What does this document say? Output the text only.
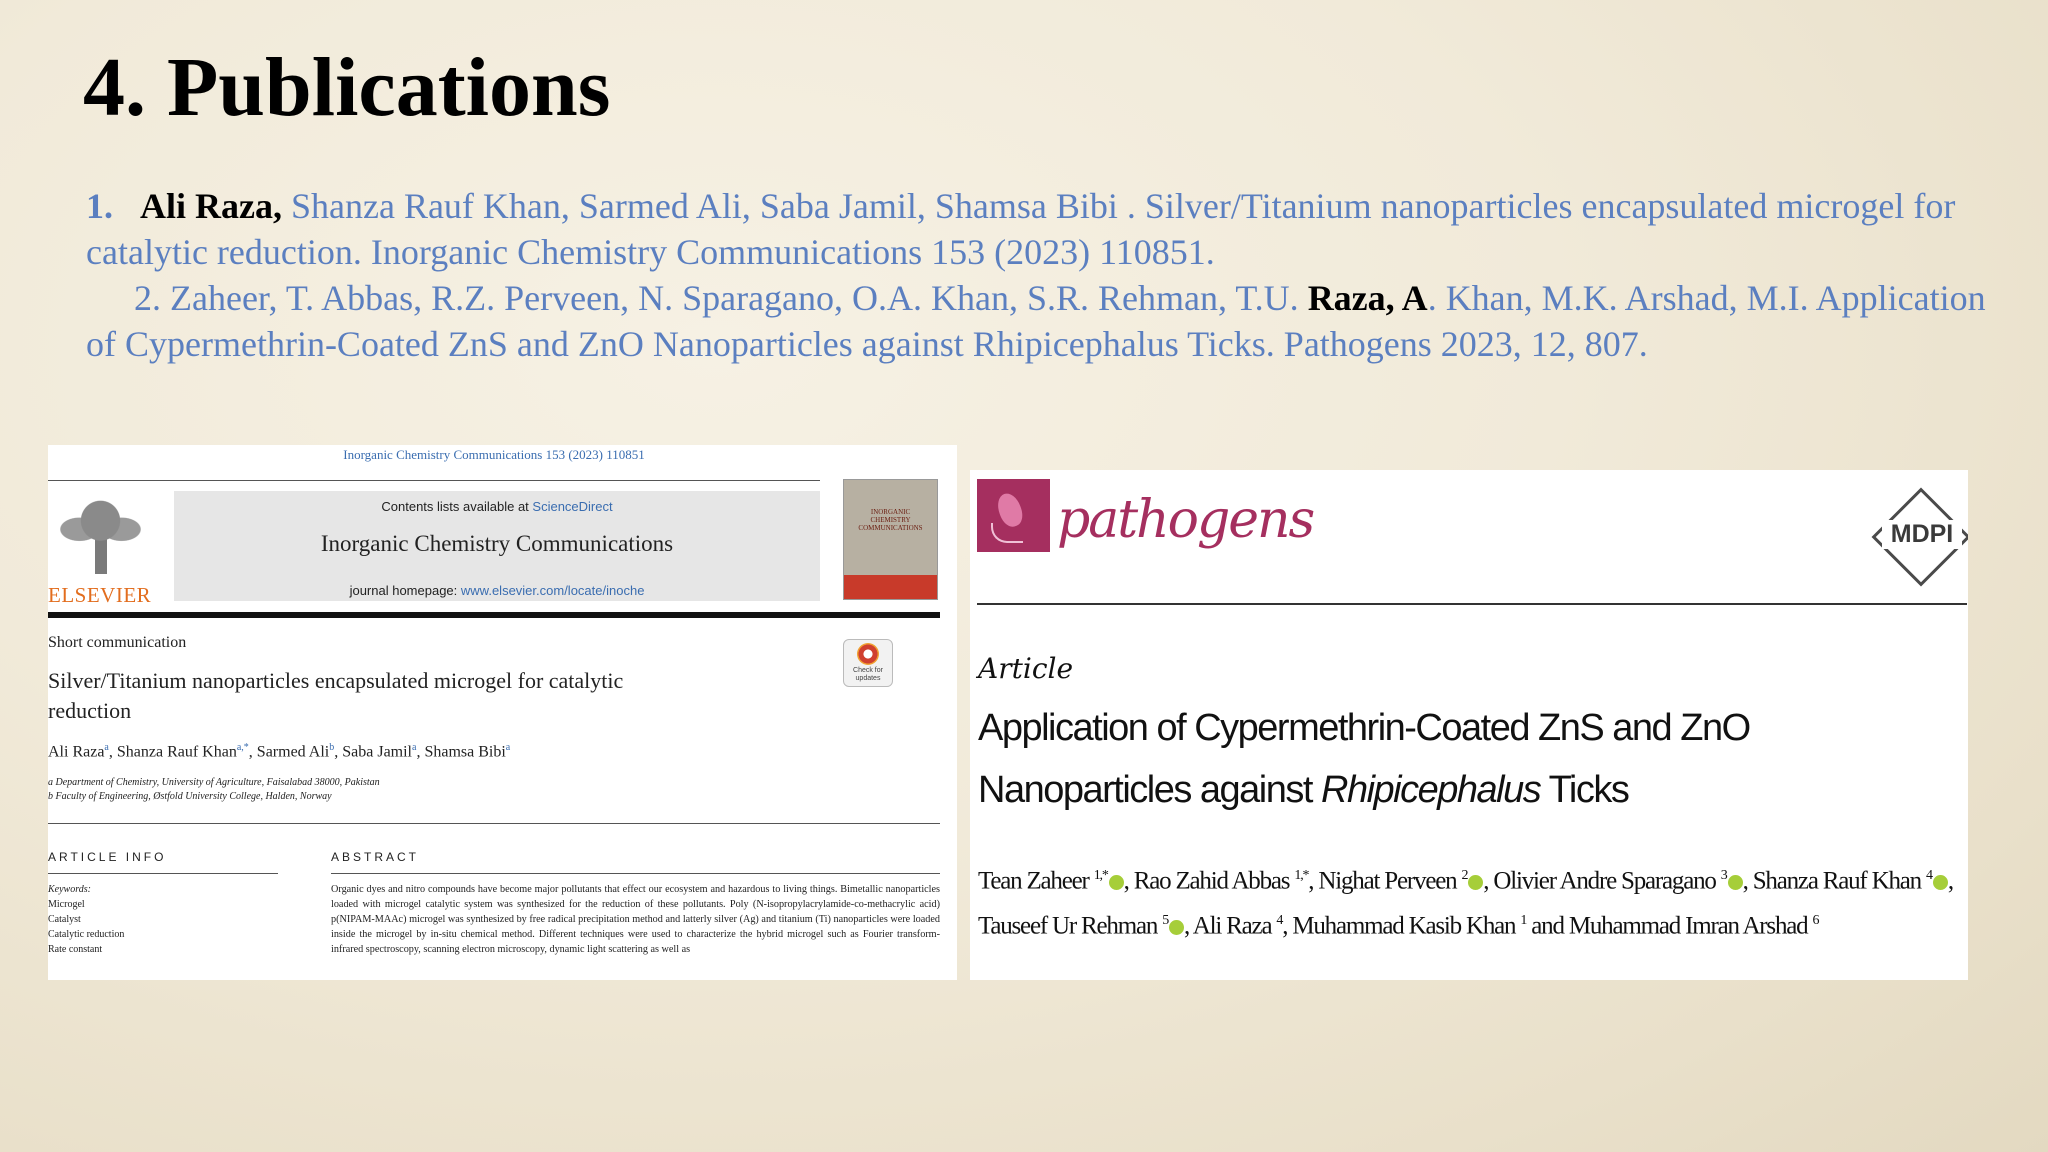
4. Publications

1. Ali Raza, Shanza Rauf Khan, Sarmed Ali, Saba Jamil, Shamsa Bibi . Silver/Titanium nanoparticles encapsulated microgel for catalytic reduction. Inorganic Chemistry Communications 153 (2023) 110851.

2. Zaheer, T. Abbas, R.Z. Perveen, N. Sparagano, O.A. Khan, S.R. Rehman, T.U. Raza, A. Khan, M.K. Arshad, M.I. Application of Cypermethrin-Coated ZnS and ZnO Nanoparticles against Rhipicephalus Ticks. Pathogens 2023, 12, 807.

Inorganic Chemistry Communications 153 (2023) 110851
ELSEVIER
Contents lists available at ScienceDirect
Inorganic Chemistry Communications
journal homepage: www.elsevier.com/locate/inoche
INORGANIC CHEMISTRY COMMUNICATIONS
Short communication
Check for updates
Silver/Titanium nanoparticles encapsulated microgel for catalytic reduction
Ali Raza$^a$, Shanza Rauf Khan$^{a,*}$, Sarmed Ali$^b$, Saba Jamil$^a$, Shamsa Bibi$^a$
a Department of Chemistry, University of Agriculture, Faisalabad 38000, Pakistan
b Faculty of Engineering, Østfold University College, Halden, Norway
ARTICLE INFO
Keywords:
Microgel
Catalyst
Catalytic reduction
Rate constant
ABSTRACT
Organic dyes and nitro compounds have become major pollutants that effect our ecosystem and hazardous to living things. Bimetallic nanoparticles loaded with microgel catalytic system was synthesized for the reduction of these pollutants. Poly (N-isopropylacrylamide-co-methacrylic acid) p(NIPAM-MAAc) microgel was synthesized by free radical precipitation method and latterly silver (Ag) and titanium (Ti) nanoparticles were loaded inside the microgel by in-situ chemical method. Different techniques were used to characterize the hybrid microgel such as Fourier transform-infrared spectroscopy, scanning electron microscopy, dynamic light scattering as well as
pathogens	MDPI
Article
Application of Cypermethrin-Coated ZnS and ZnO Nanoparticles against Rhipicephalus Ticks
Tean Zaheer $^{1,*}$ , Rao Zahid Abbas $^{1,*}$, Nighat Perveen $^2$ , Olivier Andre Sparagano $^3$ , Shanza Rauf Khan $^4$ , Tauseef Ur Rehman $^5$ , Ali Raza $^4$, Muhammad Kasib Khan $^1$ and Muhammad Imran Arshad $^6$
